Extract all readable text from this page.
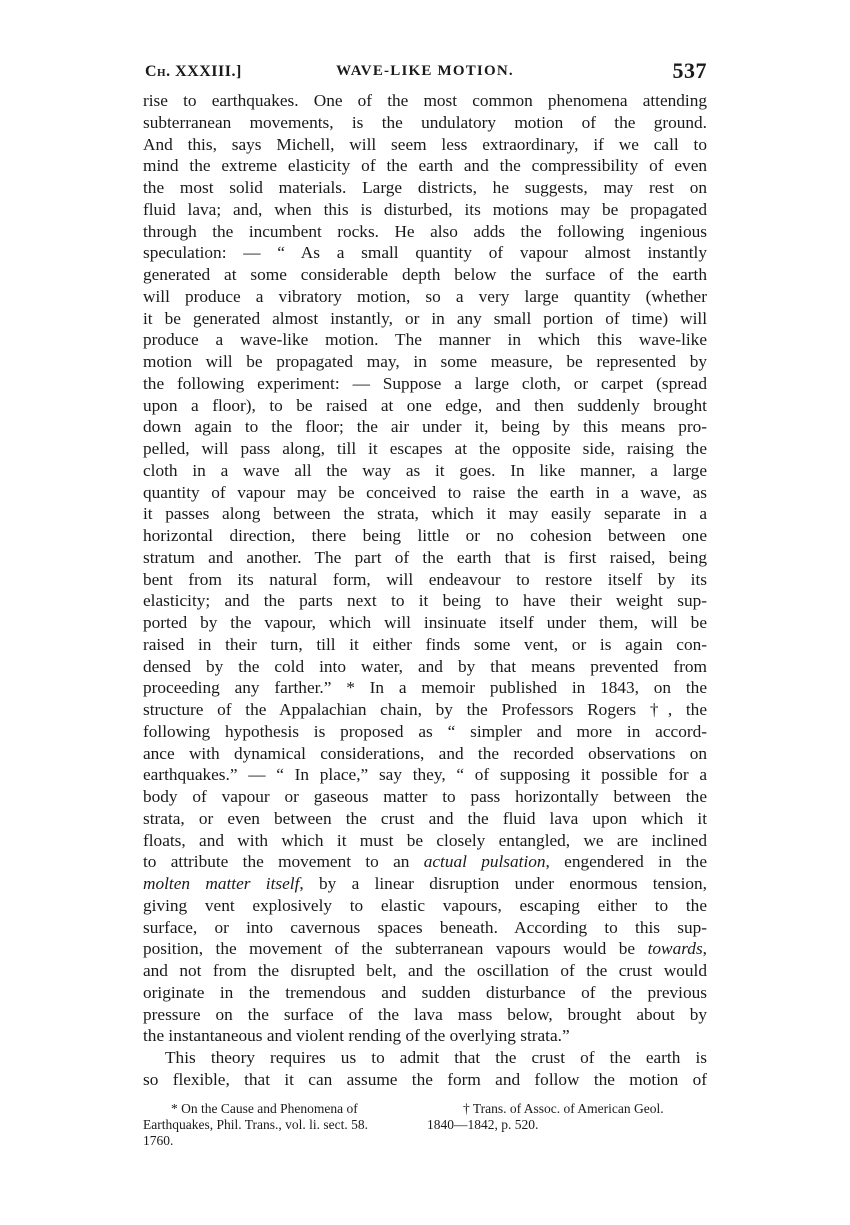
Ch. XXXIII.]	WAVE-LIKE MOTION.	537

rise to earthquakes. One of the most common phenomena attending
subterranean movements, is the undulatory motion of the ground.
And this, says Michell, will seem less extraordinary, if we call to
mind the extreme elasticity of the earth and the compressibility of even
the most solid materials. Large districts, he suggests, may rest on
fluid lava; and, when this is disturbed, its motions may be propagated
through the incumbent rocks. He also adds the following ingenious
speculation: — “ As a small quantity of vapour almost instantly
generated at some considerable depth below the surface of the earth
will produce a vibratory motion, so a very large quantity (whether
it be generated almost instantly, or in any small portion of time) will
produce a wave-like motion. The manner in which this wave-like
motion will be propagated may, in some measure, be represented by
the following experiment: — Suppose a large cloth, or carpet (spread
upon a floor), to be raised at one edge, and then suddenly brought
down again to the floor; the air under it, being by this means pro-
pelled, will pass along, till it escapes at the opposite side, raising the
cloth in a wave all the way as it goes. In like manner, a large
quantity of vapour may be conceived to raise the earth in a wave, as
it passes along between the strata, which it may easily separate in a
horizontal direction, there being little or no cohesion between one
stratum and another. The part of the earth that is first raised, being
bent from its natural form, will endeavour to restore itself by its
elasticity; and the parts next to it being to have their weight sup-
ported by the vapour, which will insinuate itself under them, will be
raised in their turn, till it either finds some vent, or is again con-
densed by the cold into water, and by that means prevented from
proceeding any farther.” * In a memoir published in 1843, on the
structure of the Appalachian chain, by the Professors Rogers †, the
following hypothesis is proposed as “ simpler and more in accord-
ance with dynamical considerations, and the recorded observations on
earthquakes.” — “ In place,” say they, “ of supposing it possible for a
body of vapour or gaseous matter to pass horizontally between the
strata, or even between the crust and the fluid lava upon which it
floats, and with which it must be closely entangled, we are inclined
to attribute the movement to an actual pulsation, engendered in the
molten matter itself, by a linear disruption under enormous tension,
giving vent explosively to elastic vapours, escaping either to the
surface, or into cavernous spaces beneath. According to this sup-
position, the movement of the subterranean vapours would be towards,
and not from the disrupted belt, and the oscillation of the crust would
originate in the tremendous and sudden disturbance of the previous
pressure on the surface of the lava mass below, brought about by
the instantaneous and violent rending of the overlying strata.”

This theory requires us to admit that the crust of the earth is
so flexible, that it can assume the form and follow the motion of

* On the Cause and Phenomena of
Earthquakes, Phil. Trans., vol. li. sect. 58.
1760.
† Trans. of Assoc. of American Geol.
1840—1842, p. 520.
